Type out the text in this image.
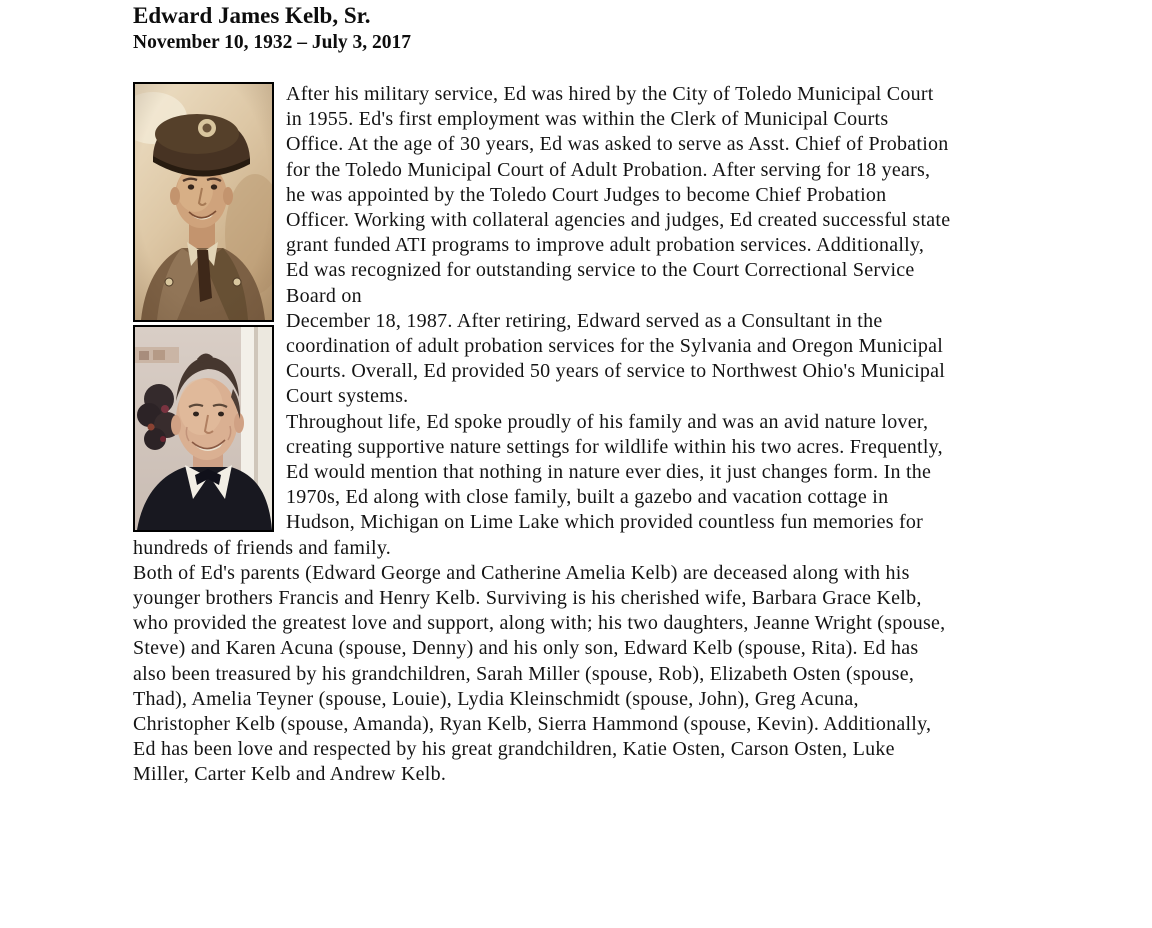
Edward James Kelb, Sr.
November 10, 1932 – July 3, 2017

After his military service, Ed was hired by the City of Toledo Municipal Court in 1955. Ed's first employment was within the Clerk of Municipal Courts Office. At the age of 30 years, Ed was asked to serve as Asst. Chief of Probation for the Toledo Municipal Court of Adult Probation. After serving for 18 years, he was appointed by the Toledo Court Judges to become Chief Probation Officer. Working with collateral agencies and judges, Ed created successful state grant funded ATI programs to improve adult probation services. Additionally, Ed was recognized for outstanding service to the Court Correctional Service Board on

December 18, 1987. After retiring, Edward served as a Consultant in the coordination of adult probation services for the Sylvania and Oregon Municipal Courts. Overall, Ed provided 50 years of service to Northwest Ohio's Municipal Court systems.

Throughout life, Ed spoke proudly of his family and was an avid nature lover, creating supportive nature settings for wildlife within his two acres. Frequently, Ed would mention that nothing in nature ever dies, it just changes form. In the 1970s, Ed along with close family, built a gazebo and vacation cottage in Hudson, Michigan on Lime Lake which provided countless fun memories for hundreds of friends and family.

Both of Ed's parents (Edward George and Catherine Amelia Kelb) are deceased along with his younger brothers Francis and Henry Kelb. Surviving is his cherished wife, Barbara Grace Kelb, who provided the greatest love and support, along with; his two daughters, Jeanne Wright (spouse, Steve) and Karen Acuna (spouse, Denny) and his only son, Edward Kelb (spouse, Rita). Ed has also been treasured by his grandchildren, Sarah Miller (spouse, Rob), Elizabeth Osten (spouse, Thad), Amelia Teyner (spouse, Louie), Lydia Kleinschmidt (spouse, John), Greg Acuna, Christopher Kelb (spouse, Amanda), Ryan Kelb, Sierra Hammond (spouse, Kevin). Additionally, Ed has been love and respected by his great grandchildren, Katie Osten, Carson Osten, Luke Miller, Carter Kelb and Andrew Kelb.
